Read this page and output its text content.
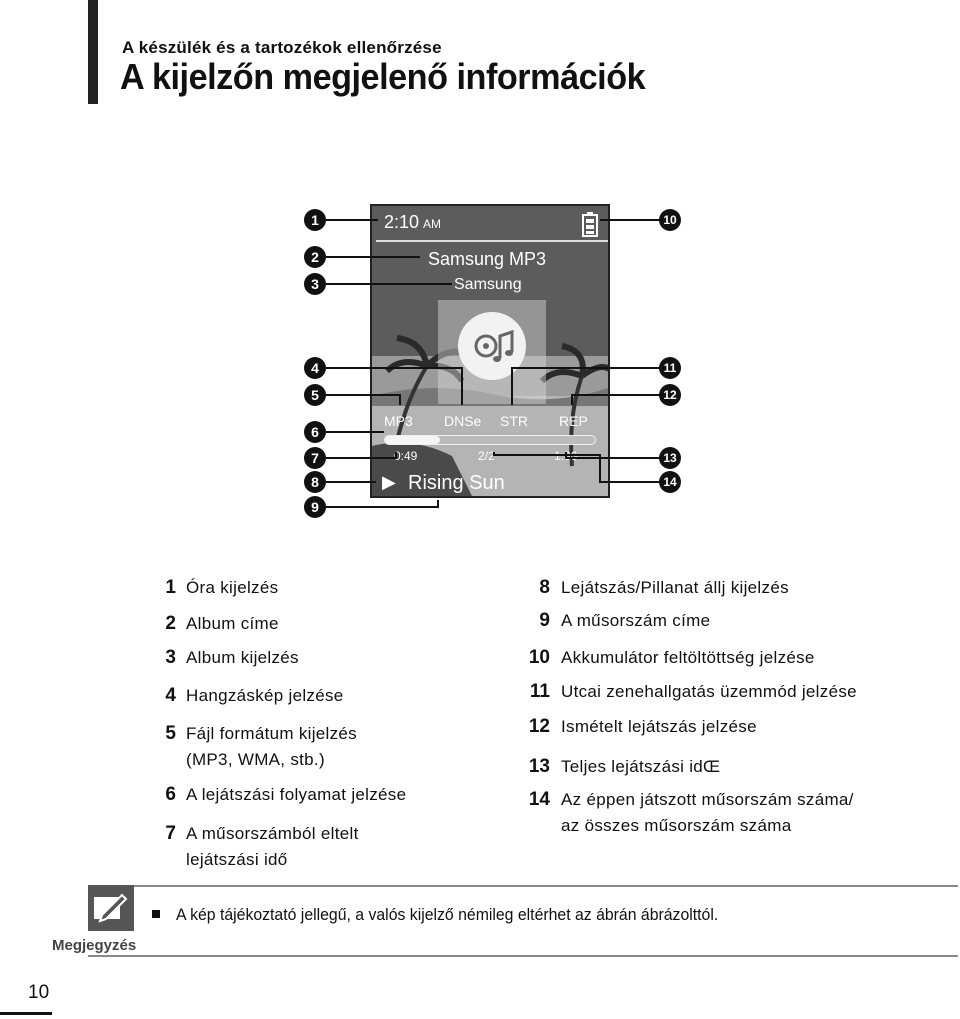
A készülék és a tartozékok ellenőrzése
A kijelzőn megjelenő információk
2:10 AM
Samsung MP3
Samsung
MP3 DNSe STR REP
0:49	2/2	1:36
▶ Rising Sun
1
2
3
4
5
6
7
8
9
10
11
12
13
14
1 Óra kijelzés
2 Album címe
3 Album kijelzés
4 Hangzáskép jelzése
5 Fájl formátum kijelzés
(MP3, WMA, stb.)
6 A lejátszási folyamat jelzése
7 A műsorszámból eltelt
lejátszási idő
8 Lejátszás/Pillanat állj kijelzés
9 A műsorszám címe
10 Akkumulátor feltöltöttség jelzése
11 Utcai zenehallgatás üzemmód jelzése
12 Ismételt lejátszás jelzése
13 Teljes lejátszási idŒ
14 Az éppen játszott műsorszám száma/
az összes műsorszám száma
Megjegyzés
A kép tájékoztató jellegű, a valós kijelző némileg eltérhet az ábrán ábrázolttól.
10
